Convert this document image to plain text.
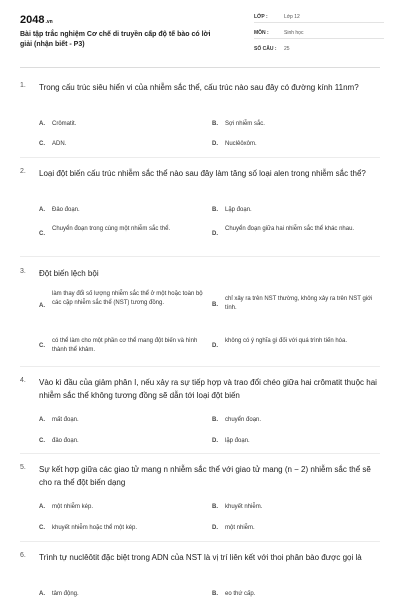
2048.vn
Bài tập trắc nghiệm Cơ chế di truyền cấp độ tế bào có lời giải (nhận biết - P3)
LỚP :	Lớp 12
MÔN :	Sinh học
SỐ CÂU : 25
1. Trong cấu trúc siêu hiển vi của nhiễm sắc thể, cấu trúc nào sau đây có đường kính 11nm?
A. Crômatit.	B. Sợi nhiễm sắc.
C. ADN.	D. Nuclêôxôm.
2. Loại đột biến cấu trúc nhiễm sắc thể nào sau đây làm tăng số loại alen trong nhiễm sắc thể?
A. Đảo đoạn.	B. Lặp đoạn.
C.
Chuyển đoạn trong cùng một nhiễm sắc thể.
D.
Chuyển đoạn giữa hai nhiễm sắc thể khác nhau.
3. Đột biến lệch bội
A.
làm thay đổi số lượng nhiễm sắc thể ở một hoặc toàn bộ các cặp nhiễm sắc thể (NST) tương đồng.	B.
chỉ xảy ra trên NST thường, không xảy ra trên NST giới tính.
C.
có thể làm cho một phần cơ thể mang đột biến và hình thành thể khảm.
D.
không có ý nghĩa gì đối với quá trình tiến hóa.
4. Vào kì đầu của giảm phân I, nếu xảy ra sự tiếp hợp và trao đổi chéo giữa hai crômatit thuộc hai nhiễm sắc thể không tương đồng sẽ dẫn tới loại đột biến
A. mất đoạn.	B. chuyển đoạn.
C. đảo đoạn.	D. lặp đoạn.
5. Sự kết hợp giữa các giao tử mang n nhiễm sắc thể với giao tử mang (n − 2) nhiễm sắc thể sẽ cho ra thể đột biến dạng
A. một nhiễm kép.	B. khuyết nhiễm.
C. khuyết nhiễm hoặc thể một kép.	D. một nhiễm.
6. Trình tự nuclêôtit đặc biệt trong ADN của NST là vị trí liên kết với thoi phân bào được gọi là
A. tâm động.	B. eo thứ cấp.
